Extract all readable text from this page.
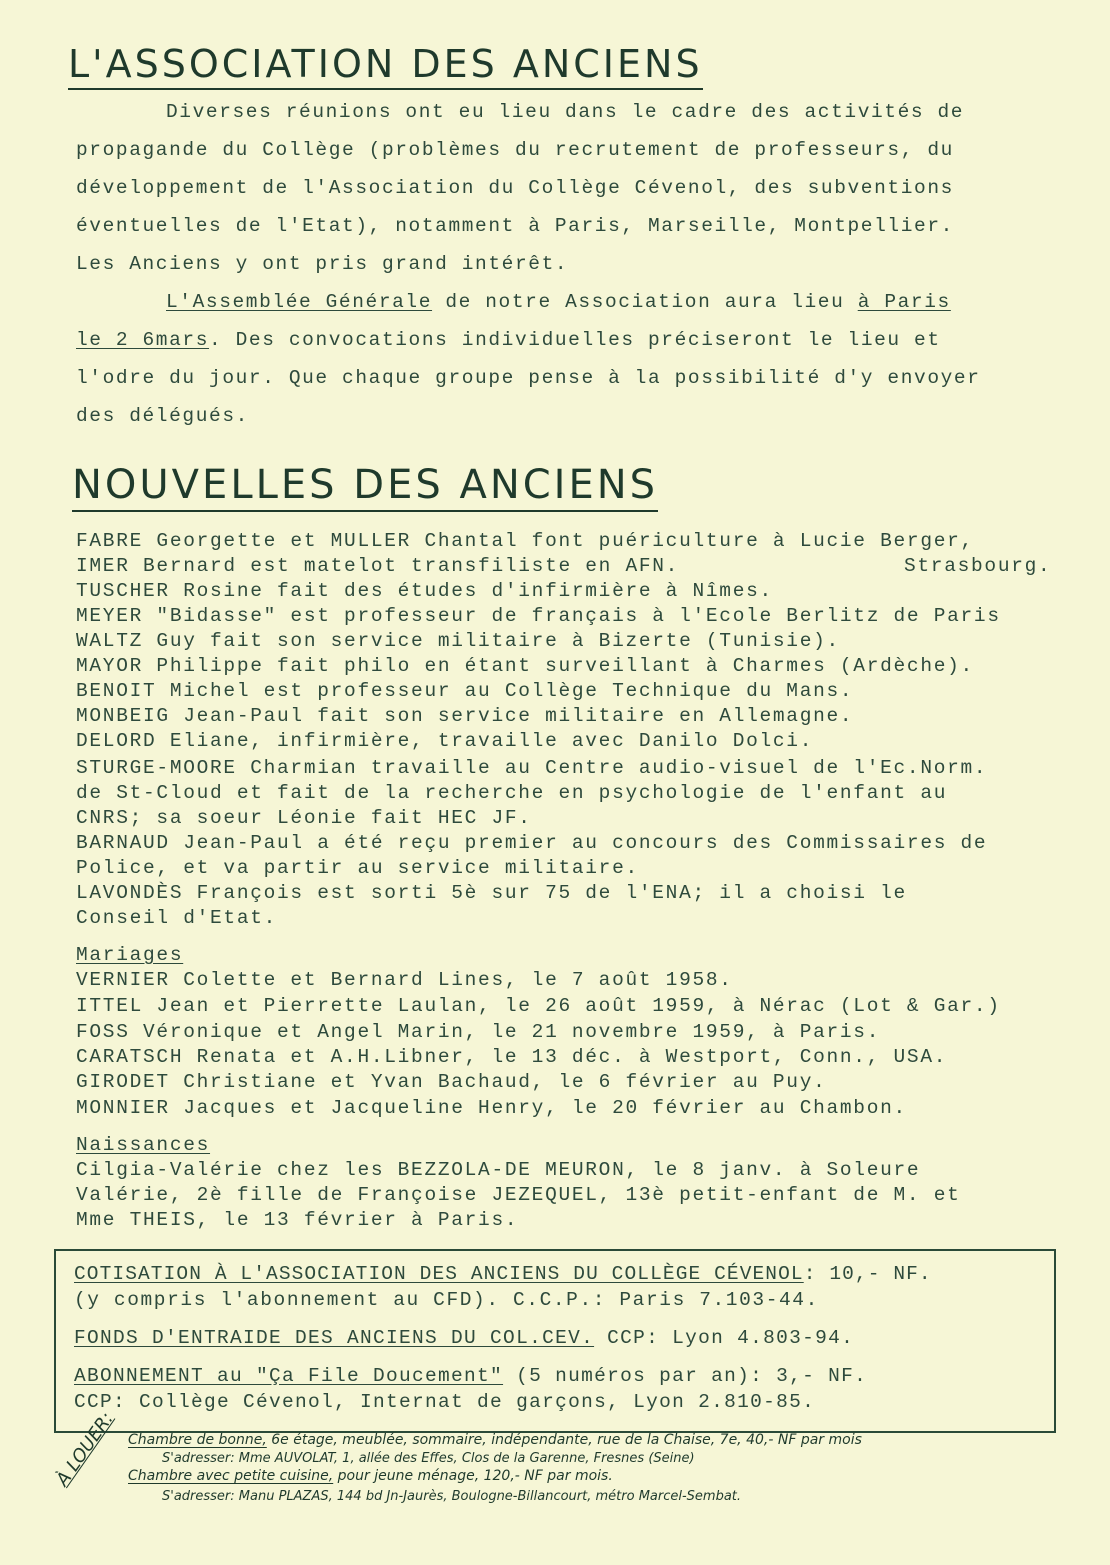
L'ASSOCIATION DES ANCIENS
Diverses réunions ont eu lieu dans le cadre des activités de
propagande du Collège (problèmes du recrutement de professeurs, du
développement de l'Association du Collège Cévenol, des subventions
éventuelles de l'Etat), notamment à Paris, Marseille, Montpellier.
Les Anciens y ont pris grand intérêt.
L'Assemblée Générale de notre Association aura lieu à Paris
le 2 6mars. Des convocations individuelles préciseront le lieu et
l'odre du jour. Que chaque groupe pense à la possibilité d'y envoyer
des délégués.
NOUVELLES DES ANCIENS
FABRE Georgette et MULLER Chantal font puériculture à Lucie Berger,
IMER Bernard est matelot transfiliste en AFN.	Strasbourg.
TUSCHER Rosine fait des études d'infirmière à Nîmes.
MEYER "Bidasse" est professeur de français à l'Ecole Berlitz de Paris
WALTZ Guy fait son service militaire à Bizerte (Tunisie).
MAYOR Philippe fait philo en étant surveillant à Charmes (Ardèche).
BENOIT Michel est professeur au Collège Technique du Mans.
MONBEIG Jean-Paul fait son service militaire en Allemagne.
DELORD Eliane, infirmière, travaille avec Danilo Dolci.
STURGE-MOORE Charmian travaille au Centre audio-visuel de l'Ec.Norm.
de St-Cloud et fait de la recherche en psychologie de l'enfant au
CNRS; sa soeur Léonie fait HEC JF.
BARNAUD Jean-Paul a été reçu premier au concours des Commissaires de
Police, et va partir au service militaire.
LAVONDÈS François est sorti 5è sur 75 de l'ENA; il a choisi le
Conseil d'Etat.
Mariages
VERNIER Colette et Bernard Lines, le 7 août 1958.
ITTEL Jean et Pierrette Laulan, le 26 août 1959, à Nérac (Lot & Gar.)
FOSS Véronique et Angel Marin, le 21 novembre 1959, à Paris.
CARATSCH Renata et A.H.Libner, le 13 déc. à Westport, Conn., USA.
GIRODET Christiane et Yvan Bachaud, le 6 février au Puy.
MONNIER Jacques et Jacqueline Henry, le 20 février au Chambon.
Naissances
Cilgia-Valérie chez les BEZZOLA-DE MEURON, le 8 janv. à Soleure
Valérie, 2è fille de Françoise JEZEQUEL, 13è petit-enfant de M. et
Mme THEIS, le 13 février à Paris.
COTISATION À L'ASSOCIATION DES ANCIENS DU COLLÈGE CÉVENOL: 10,- NF.
(y compris l'abonnement au CFD). C.C.P.: Paris 7.103-44.
FONDS D'ENTRAIDE DES ANCIENS DU COL.CEV. CCP: Lyon 4.803-94.
ABONNEMENT au "Ça File Doucement" (5 numéros par an): 3,- NF.
CCP: Collège Cévenol, Internat de garçons, Lyon 2.810-85.
À LOUER: Chambre de bonne, 6e étage, meublée, sommaire, indépendante, rue de la Chaise, 7e, 40,- NF par mois
S'adresser: Mme AUVOLAT, 1, allée des Effes, Clos de la Garenne, Fresnes (Seine)
Chambre avec petite cuisine, pour jeune ménage, 120,- NF par mois.
S'adresser: Manu PLAZAS, 144 bd Jn-Jaurès, Boulogne-Billancourt, métro Marcel-Sembat.
